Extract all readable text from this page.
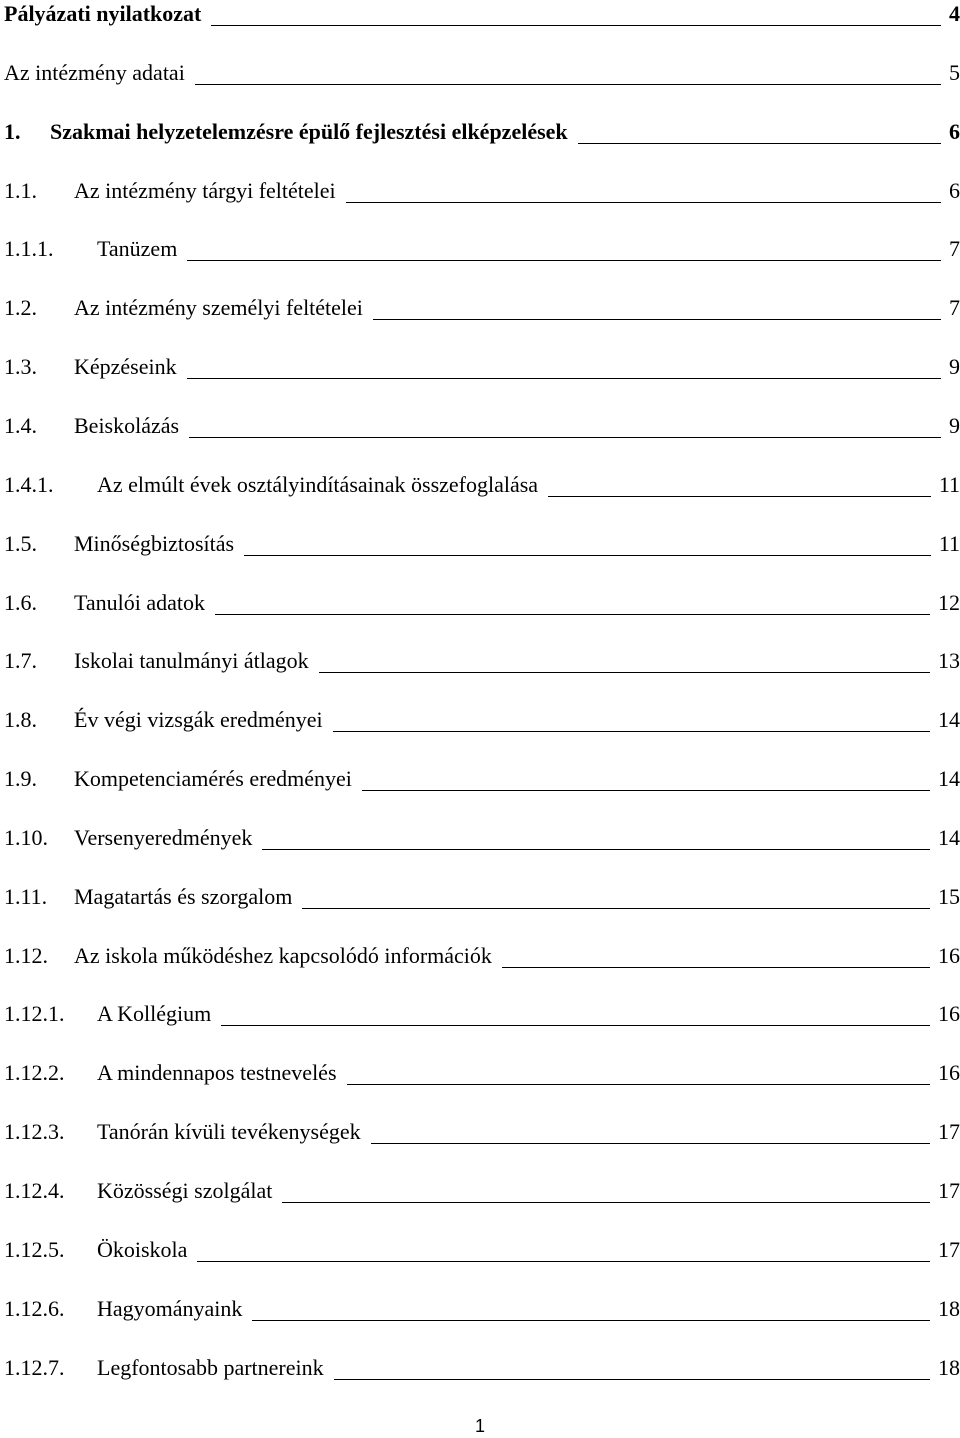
Pályázati nyilatkozat	4
Az intézmény adatai	5
1. Szakmai helyzetelemzésre épülő fejlesztési elképzelések	6
1.1. Az intézmény tárgyi feltételei	6
1.1.1. Tanüzem	7
1.2. Az intézmény személyi feltételei	7
1.3. Képzéseink	9
1.4. Beiskolázás	9
1.4.1. Az elmúlt évek osztályindításainak összefoglalása	11
1.5. Minőségbiztosítás	11
1.6. Tanulói adatok	12
1.7. Iskolai tanulmányi átlagok	13
1.8. Év végi vizsgák eredményei	14
1.9. Kompetenciamérés eredményei	14
1.10. Versenyeredmények	14
1.11. Magatartás és szorgalom	15
1.12. Az iskola működéshez kapcsolódó információk	16
1.12.1. A Kollégium	16
1.12.2. A mindennapos testnevelés	16
1.12.3. Tanórán kívüli tevékenységek	17
1.12.4. Közösségi szolgálat	17
1.12.5. Ökoiskola	17
1.12.6. Hagyományaink	18
1.12.7. Legfontosabb partnereink	18
1
